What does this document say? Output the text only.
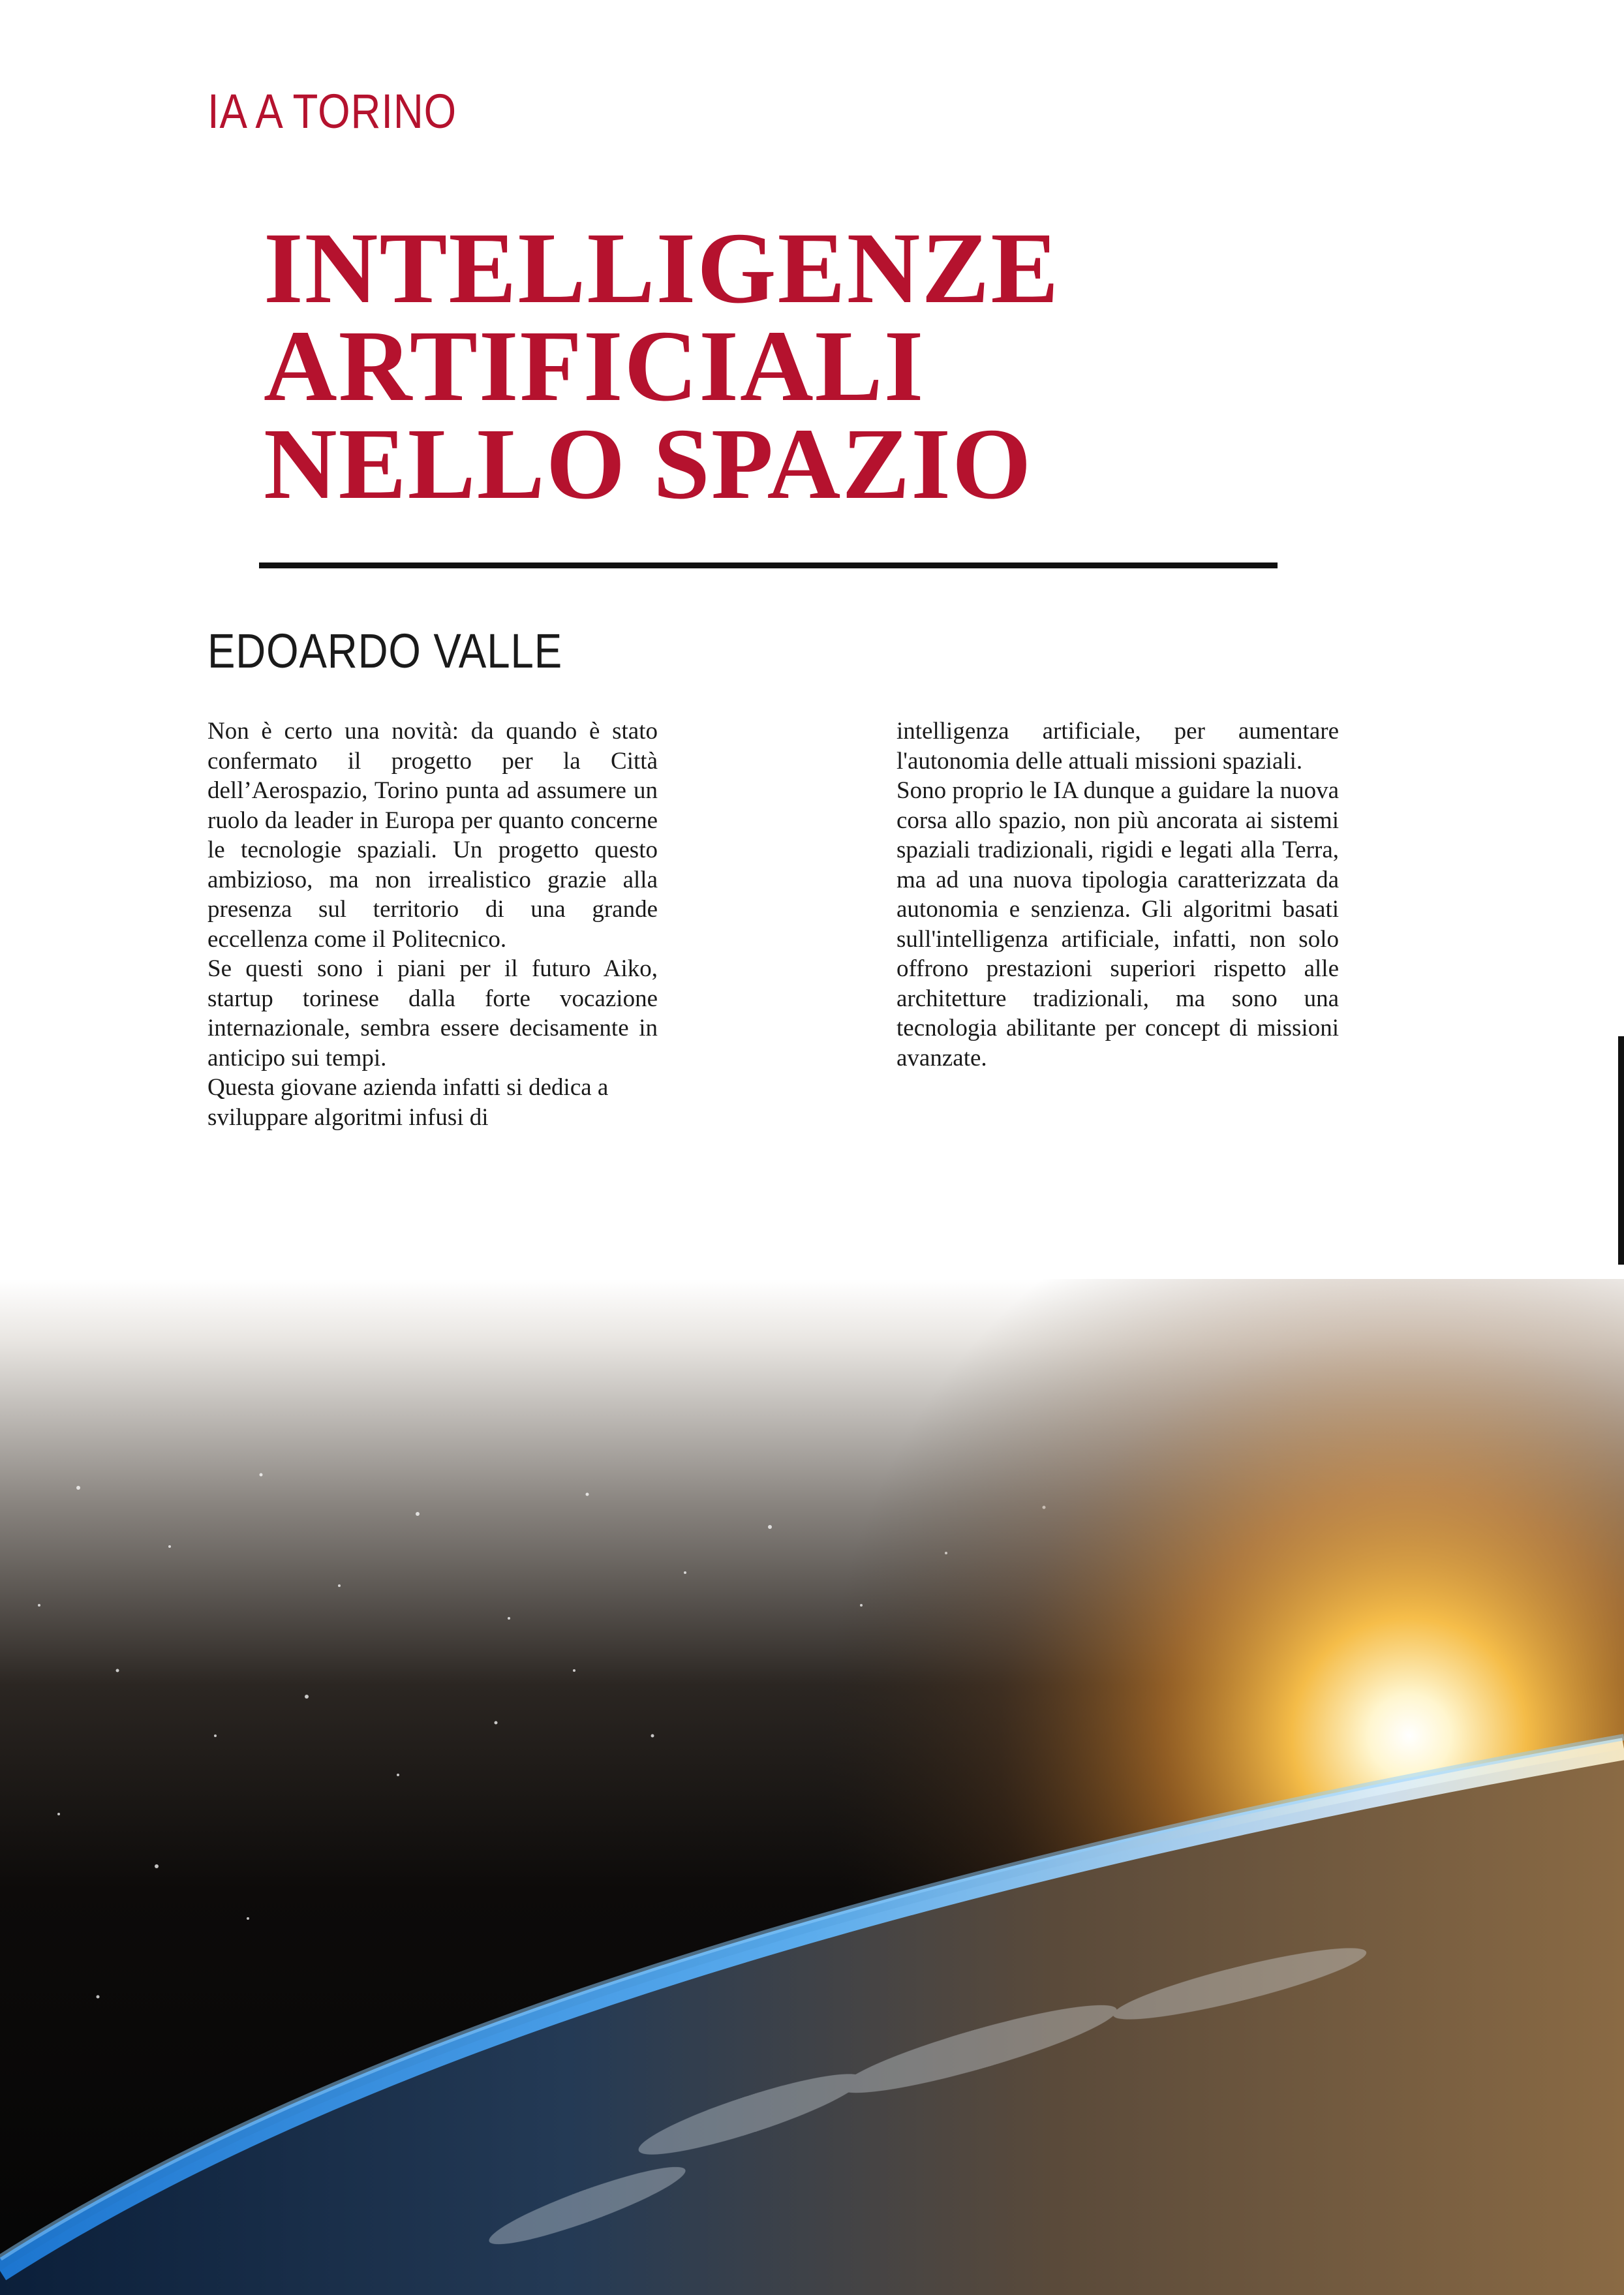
IA A TORINO
INTELLIGENZE
ARTIFICIALI
NELLO SPAZIO
EDOARDO VALLE

Non è certo una novità: da quando è stato confermato il progetto per la Città dell’Aerospazio, Torino punta ad assumere un ruolo da leader in Europa per quanto concerne le tecnologie spaziali. Un progetto questo ambizioso, ma non irrealistico grazie alla presenza sul territorio di una grande eccellenza come il Politecnico.

Se questi sono i piani per il futuro Aiko, startup torinese dalla forte vocazione internazionale, sembra essere decisamente in anticipo sui tempi.

Questa giovane azienda infatti si dedica a sviluppare algoritmi infusi di

intelligenza artificiale, per aumentare l'autonomia delle attuali missioni spaziali.

Sono proprio le IA dunque a guidare la nuova corsa allo spazio, non più ancorata ai sistemi spaziali tradizionali, rigidi e legati alla Terra, ma ad una nuova tipologia caratterizzata da autonomia e senzienza. Gli algoritmi basati sull'intelligenza artificiale, infatti, non solo offrono prestazioni superiori rispetto alle architetture tradizionali, ma sono una tecnologia abilitante per concept di missioni avanzate.
